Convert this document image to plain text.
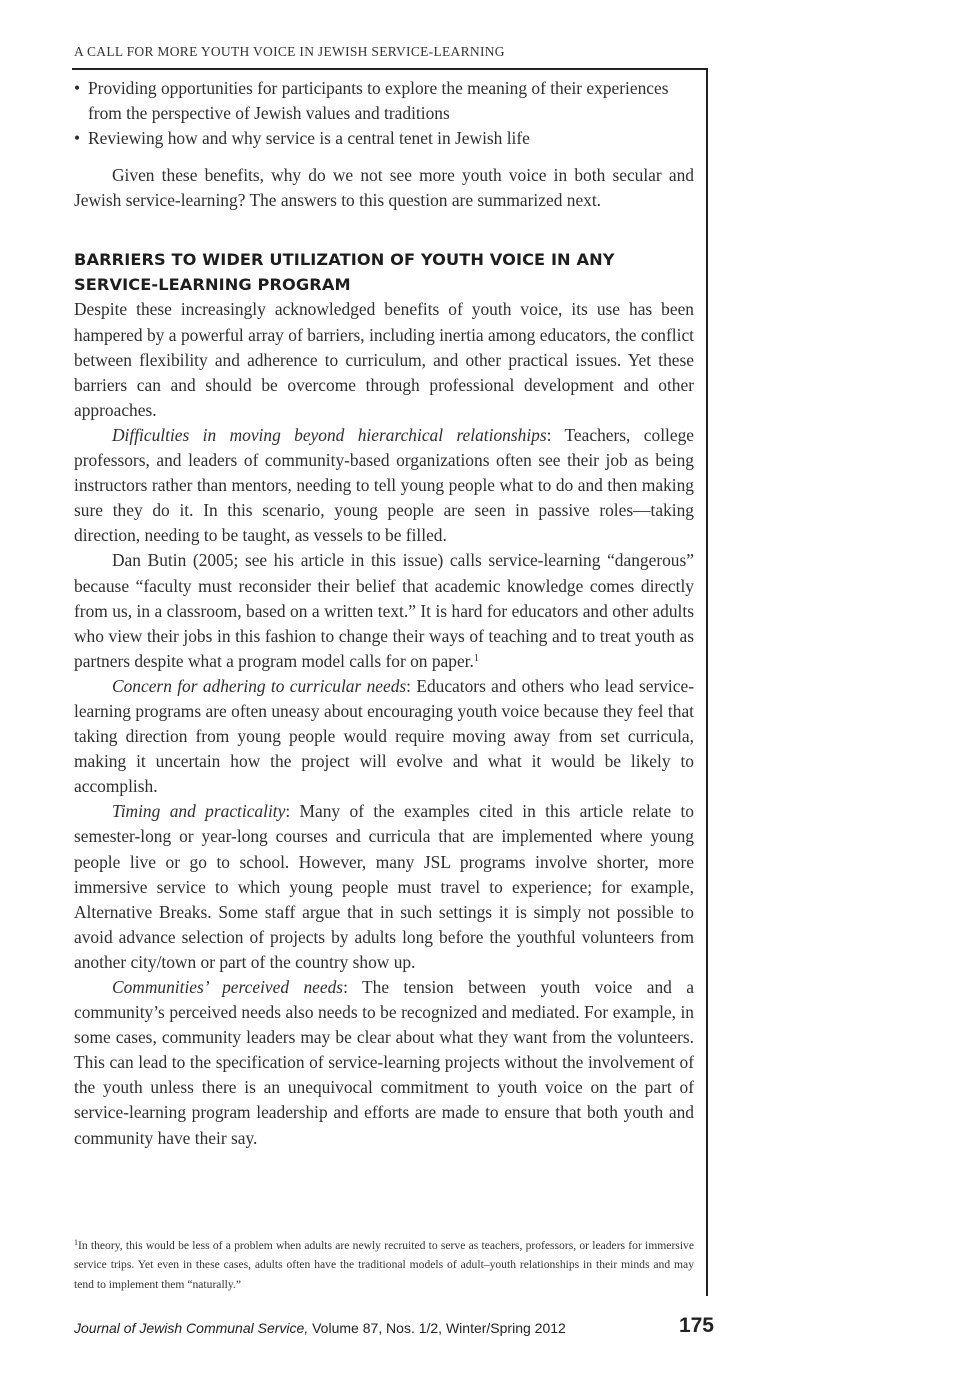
A CALL FOR MORE YOUTH VOICE IN JEWISH SERVICE-LEARNING
• Providing opportunities for participants to explore the meaning of their experiences from the perspective of Jewish values and traditions
• Reviewing how and why service is a central tenet in Jewish life

Given these benefits, why do we not see more youth voice in both secular and Jewish service-learning? The answers to this question are summarized next.

BARRIERS TO WIDER UTILIZATION OF YOUTH VOICE IN ANY SERVICE-LEARNING PROGRAM

Despite these increasingly acknowledged benefits of youth voice, its use has been hampered by a powerful array of barriers, including inertia among educators, the conflict between flexibility and adherence to curriculum, and other practical issues. Yet these barriers can and should be overcome through professional development and other approaches.

Difficulties in moving beyond hierarchical relationships: Teachers, college professors, and leaders of community-based organizations often see their job as being instructors rather than mentors, needing to tell young people what to do and then making sure they do it. In this scenario, young people are seen in passive roles—taking direction, needing to be taught, as vessels to be filled.

Dan Butin (2005; see his article in this issue) calls service-learning “dangerous” because “faculty must reconsider their belief that academic knowledge comes directly from us, in a classroom, based on a written text.” It is hard for educators and other adults who view their jobs in this fashion to change their ways of teaching and to treat youth as partners despite what a program model calls for on paper.$^1$

Concern for adhering to curricular needs: Educators and others who lead service-learning programs are often uneasy about encouraging youth voice because they feel that taking direction from young people would require moving away from set curricula, making it uncertain how the project will evolve and what it would be likely to accomplish.

Timing and practicality: Many of the examples cited in this article relate to semester-long or year-long courses and curricula that are implemented where young people live or go to school. However, many JSL programs involve shorter, more immersive service to which young people must travel to experience; for example, Alternative Breaks. Some staff argue that in such settings it is simply not possible to avoid advance selection of projects by adults long before the youthful volunteers from another city/town or part of the country show up.

Communities’ perceived needs: The tension between youth voice and a community’s perceived needs also needs to be recognized and mediated. For example, in some cases, community leaders may be clear about what they want from the volunteers. This can lead to the specification of service-learning projects without the involvement of the youth unless there is an unequivocal commitment to youth voice on the part of service-learning program leadership and efforts are made to ensure that both youth and community have their say.

$^1$In theory, this would be less of a problem when adults are newly recruited to serve as teachers, professors, or leaders for immersive service trips. Yet even in these cases, adults often have the traditional models of adult–youth relationships in their minds and may tend to implement them “naturally.”
Journal of Jewish Communal Service, Volume 87, Nos. 1/2, Winter/Spring 2012	175
